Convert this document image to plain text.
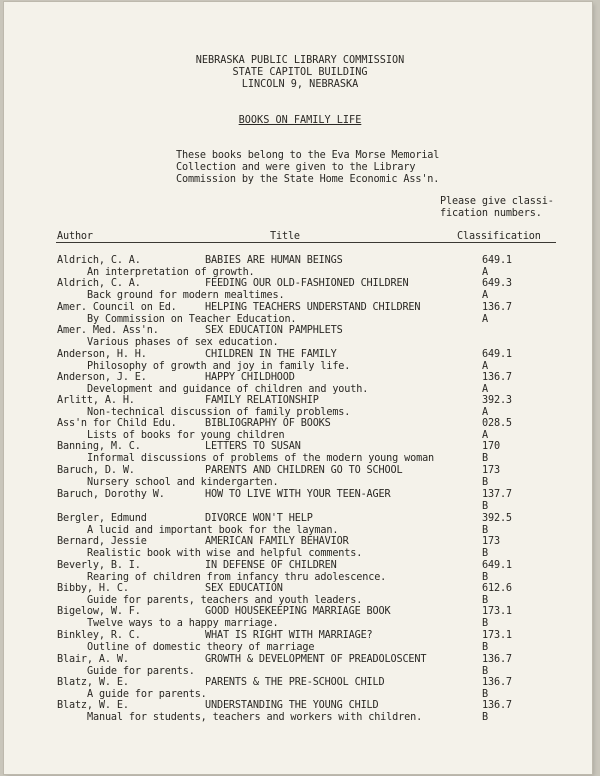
NEBRASKA PUBLIC LIBRARY COMMISSION
STATE CAPITOL BUILDING
LINCOLN 9, NEBRASKA
BOOKS ON FAMILY LIFE
These books belong to the Eva Morse Memorial
Collection and were given to the Library
Commission by the State Home Economic Ass'n.
Please give classi-
fication numbers.
Author	Title	Classification
Aldrich, C. A.	BABIES ARE HUMAN BEINGS	649.1
An interpretation of growth.	A
Aldrich, C. A.	FEEDING OUR OLD-FASHIONED CHILDREN	649.3
Back ground for modern mealtimes.	A
Amer. Council on Ed.	HELPING TEACHERS UNDERSTAND CHILDREN	136.7
By Commission on Teacher Education.	A
Amer. Med. Ass'n.	SEX EDUCATION PAMPHLETS
Various phases of sex education.
Anderson, H. H.	CHILDREN IN THE FAMILY	649.1
Philosophy of growth and joy in family life.	A
Anderson, J. E.	HAPPY CHILDHOOD	136.7
Development and guidance of children and youth.	A
Arlitt, A. H.	FAMILY RELATIONSHIP	392.3
Non-technical discussion of family problems.	A
Ass'n for Child Edu.	BIBLIOGRAPHY OF BOOKS	028.5
Lists of books for young children	A
Banning, M. C.	LETTERS TO SUSAN	170
Informal discussions of problems of the modern young woman	B
Baruch, D. W.	PARENTS AND CHILDREN GO TO SCHOOL	173
Nursery school and kindergarten.	B
Baruch, Dorothy W.	HOW TO LIVE WITH YOUR TEEN-AGER	137.7
B
Bergler, Edmund	DIVORCE WON'T HELP	392.5
A lucid and important book for the layman.	B
Bernard, Jessie	AMERICAN FAMILY BEHAVIOR	173
Realistic book with wise and helpful comments.	B
Beverly, B. I.	IN DEFENSE OF CHILDREN	649.1
Rearing of children from infancy thru adolescence.	B
Bibby, H. C.	SEX EDUCATION	612.6
Guide for parents, teachers and youth leaders.	B
Bigelow, W. F.	GOOD HOUSEKEEPING MARRIAGE BOOK	173.1
Twelve ways to a happy marriage.	B
Binkley, R. C.	WHAT IS RIGHT WITH MARRIAGE?	173.1
Outline of domestic theory of marriage	B
Blair, A. W.	GROWTH & DEVELOPMENT OF PREADOLOSCENT	136.7
Guide for parents.	B
Blatz, W. E.	PARENTS & THE PRE-SCHOOL CHILD	136.7
A guide for parents.	B
Blatz, W. E.	UNDERSTANDING THE YOUNG CHILD	136.7
Manual for students, teachers and workers with children.	B
